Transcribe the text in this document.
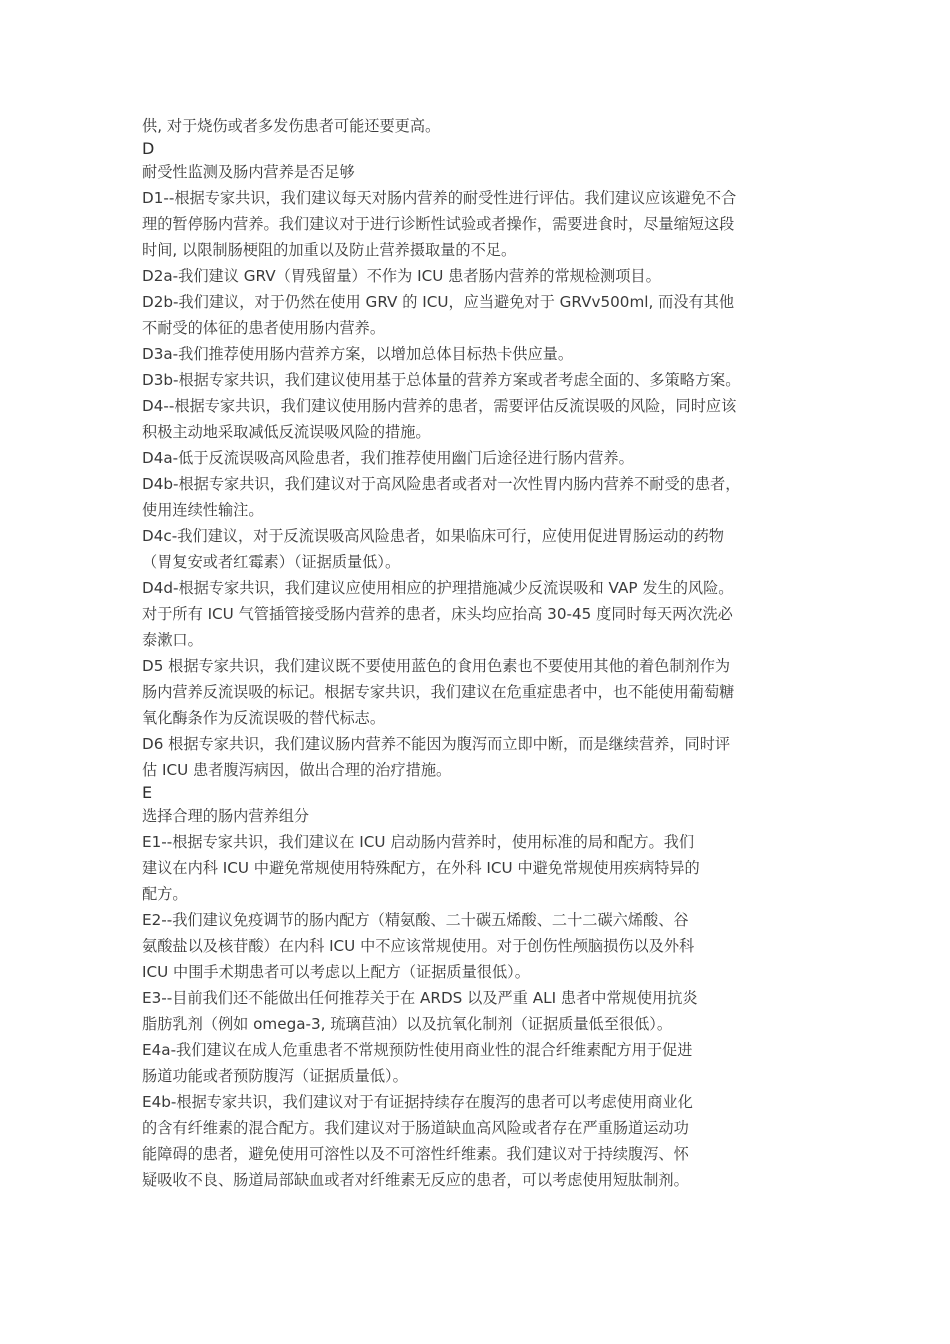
供, 对于烧伤或者多发伤患者可能还要更高。
D
耐受性监测及肠内营养是否足够
D1--根据专家共识，我们建议每天对肠内营养的耐受性进行评估。我们建议应该避免不合
理的暂停肠内营养。我们建议对于进行诊断性试验或者操作，需要进食时，尽量缩短这段
时间, 以限制肠梗阻的加重以及防止营养摄取量的不足。
D2a-我们建议 GRV（胃残留量）不作为 ICU 患者肠内营养的常规检测项目。
D2b-我们建议，对于仍然在使用 GRV 的 ICU，应当避免对于 GRVv500ml, 而没有其他
不耐受的体征的患者使用肠内营养。
D3a-我们推荐使用肠内营养方案，以增加总体目标热卡供应量。
D3b-根据专家共识，我们建议使用基于总体量的营养方案或者考虑全面的、多策略方案。
D4--根据专家共识，我们建议使用肠内营养的患者，需要评估反流误吸的风险，同时应该
积极主动地采取减低反流误吸风险的措施。
D4a-低于反流误吸高风险患者，我们推荐使用幽门后途径进行肠内营养。
D4b-根据专家共识，我们建议对于高风险患者或者对一次性胃内肠内营养不耐受的患者，
使用连续性输注。
D4c-我们建议，对于反流误吸高风险患者，如果临床可行，应使用促进胃肠运动的药物
（胃复安或者红霉素）（证据质量低）。
D4d-根据专家共识，我们建议应使用相应的护理措施减少反流误吸和 VAP 发生的风险。
对于所有 ICU 气管插管接受肠内营养的患者，床头均应抬高 30-45 度同时每天两次洗必
泰漱口。
D5 根据专家共识，我们建议既不要使用蓝色的食用色素也不要使用其他的着色制剂作为
肠内营养反流误吸的标记。根据专家共识，我们建议在危重症患者中，也不能使用葡萄糖
氧化酶条作为反流误吸的替代标志。
D6 根据专家共识，我们建议肠内营养不能因为腹泻而立即中断，而是继续营养，同时评
估 ICU 患者腹泻病因，做出合理的治疗措施。
E
选择合理的肠内营养组分
E1--根据专家共识，我们建议在 ICU 启动肠内营养时，使用标准的局和配方。我们
建议在内科 ICU 中避免常规使用特殊配方，在外科 ICU 中避免常规使用疾病特异的
配方。
E2--我们建议免疫调节的肠内配方（精氨酸、二十碳五烯酸、二十二碳六烯酸、谷
氨酸盐以及核苷酸）在内科 ICU 中不应该常规使用。对于创伤性颅脑损伤以及外科
ICU 中围手术期患者可以考虑以上配方（证据质量很低）。
E3--目前我们还不能做出任何推荐关于在 ARDS 以及严重 ALI 患者中常规使用抗炎
脂肪乳剂（例如 omega-3, 琉璃苣油）以及抗氧化制剂（证据质量低至很低）。
E4a-我们建议在成人危重患者不常规预防性使用商业性的混合纤维素配方用于促进
肠道功能或者预防腹泻（证据质量低）。
E4b-根据专家共识，我们建议对于有证据持续存在腹泻的患者可以考虑使用商业化
的含有纤维素的混合配方。我们建议对于肠道缺血高风险或者存在严重肠道运动功
能障碍的患者，避免使用可溶性以及不可溶性纤维素。我们建议对于持续腹泻、怀
疑吸收不良、肠道局部缺血或者对纤维素无反应的患者，可以考虑使用短肽制剂。
